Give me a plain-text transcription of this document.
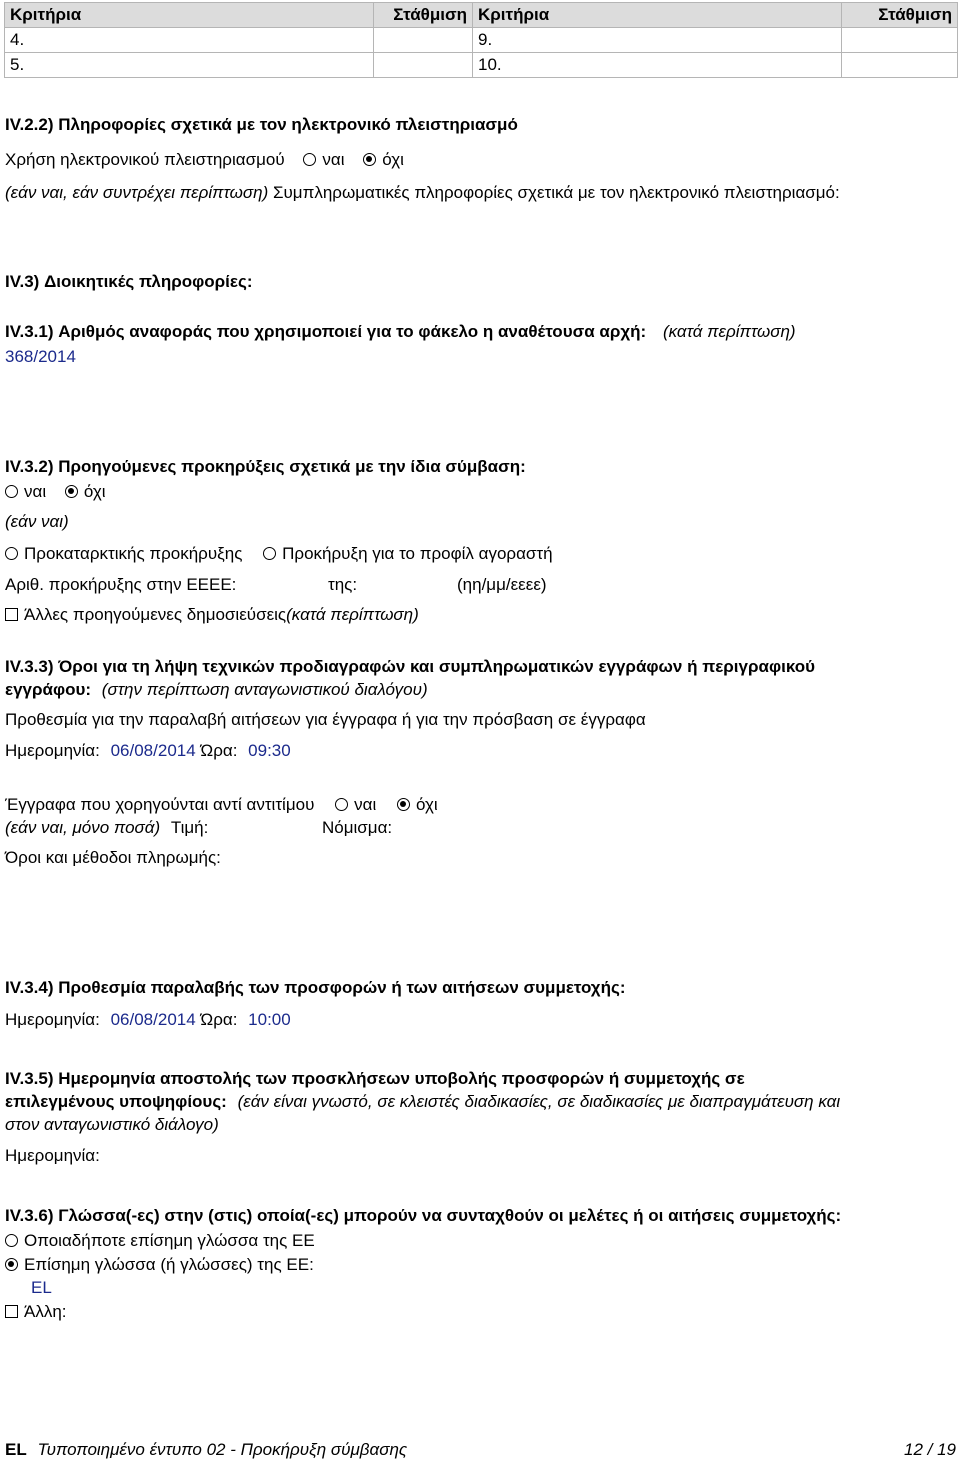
Κριτήρια	Στάθμιση	Κριτήρια	Στάθμιση
4.		9.	
5.		10.	
IV.2.2) Πληροφορίες σχετικά με τον ηλεκτρονικό πλειστηριασμό
Χρήση ηλεκτρονικού πλειστηριασμού ναι όχι
(εάν ναι, εάν συντρέχει περίπτωση) Συμπληρωματικές πληροφορίες σχετικά με τον ηλεκτρονικό πλειστηριασμό:
IV.3) Διοικητικές πληροφορίες:
IV.3.1) Αριθμός αναφοράς που χρησιμοποιεί για το φάκελο η αναθέτουσα αρχή: (κατά περίπτωση)
368/2014
IV.3.2) Προηγούμενες προκηρύξεις σχετικά με την ίδια σύμβαση:
ναι όχι
(εάν ναι)
Προκαταρκτικής προκήρυξης Προκήρυξη για το προφίλ αγοραστή
Αριθ. προκήρυξης στην ΕΕΕΕ:	της:	(ηη/μμ/εεεε)
Άλλες προηγούμενες δημοσιεύσεις(κατά περίπτωση)
IV.3.3) Όροι για τη λήψη τεχνικών προδιαγραφών και συμπληρωματικών εγγράφων ή περιγραφικού
εγγράφου: (στην περίπτωση ανταγωνιστικού διαλόγου)
Προθεσμία για την παραλαβή αιτήσεων για έγγραφα ή για την πρόσβαση σε έγγραφα
Ημερομηνία: 06/08/2014 Ώρα: 09:30
Έγγραφα που χορηγούνται αντί αντιτίμου ναι όχι
(εάν ναι, μόνο ποσά) Τιμή:	Νόμισμα:
Όροι και μέθοδοι πληρωμής:
IV.3.4) Προθεσμία παραλαβής των προσφορών ή των αιτήσεων συμμετοχής:
Ημερομηνία: 06/08/2014 Ώρα: 10:00
IV.3.5) Ημερομηνία αποστολής των προσκλήσεων υποβολής προσφορών ή συμμετοχής σε
επιλεγμένους υποψηφίους: (εάν είναι γνωστό, σε κλειστές διαδικασίες, σε διαδικασίες με διαπραγμάτευση και
στον ανταγωνιστικό διάλογο)
Ημερομηνία:
IV.3.6) Γλώσσα(-ες) στην (στις) οποία(-ες) μπορούν να συνταχθούν οι μελέτες ή οι αιτήσεις συμμετοχής:
Οποιαδήποτε επίσημη γλώσσα της ΕΕ
Επίσημη γλώσσα (ή γλώσσες) της ΕΕ:
EL
Άλλη:
EL Τυποποιημένο έντυπο 02 - Προκήρυξη σύμβασης	12 / 19
